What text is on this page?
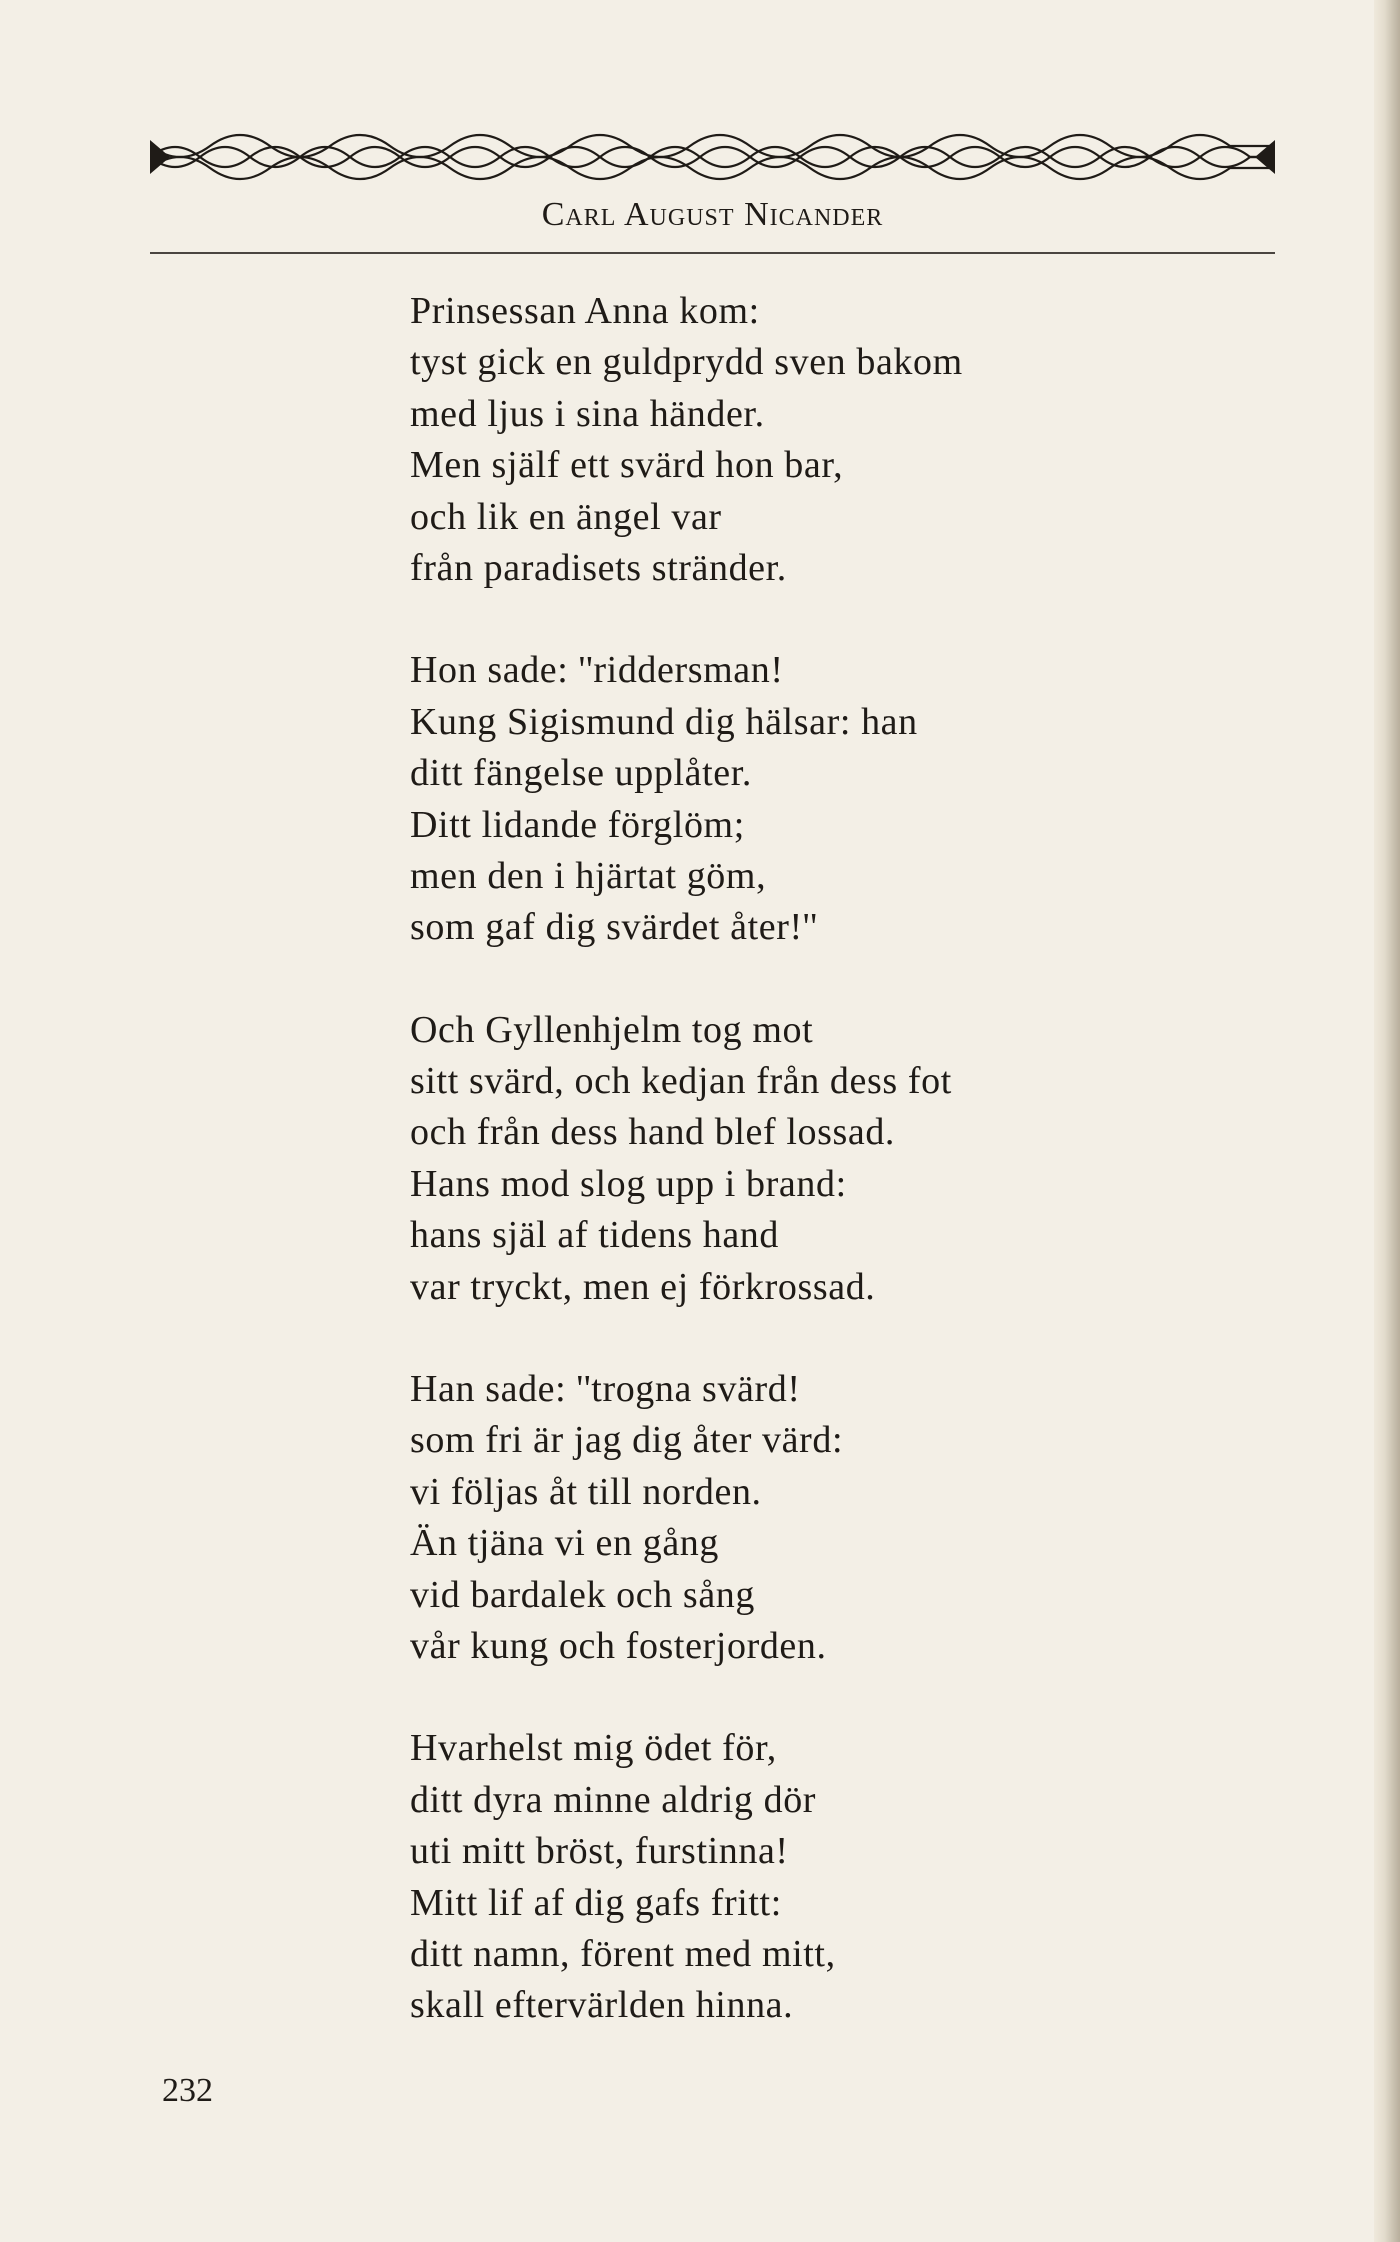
Carl August Nicander
Prinsessan Anna kom:
tyst gick en guldprydd sven bakom
med ljus i sina händer.
Men själf ett svärd hon bar,
och lik en ängel var
från paradisets stränder.
Hon sade: ''riddersman!
Kung Sigismund dig hälsar: han
ditt fängelse upplåter.
Ditt lidande förglöm;
men den i hjärtat göm,
som gaf dig svärdet åter!''
Och Gyllenhjelm tog mot
sitt svärd, och kedjan från dess fot
och från dess hand blef lossad.
Hans mod slog upp i brand:
hans själ af tidens hand
var tryckt, men ej förkrossad.
Han sade: ''trogna svärd!
som fri är jag dig åter värd:
vi följas åt till norden.
Än tjäna vi en gång
vid bardalek och sång
vår kung och fosterjorden.
Hvarhelst mig ödet för,
ditt dyra minne aldrig dör
uti mitt bröst, furstinna!
Mitt lif af dig gafs fritt:
ditt namn, förent med mitt,
skall eftervärlden hinna.
232
